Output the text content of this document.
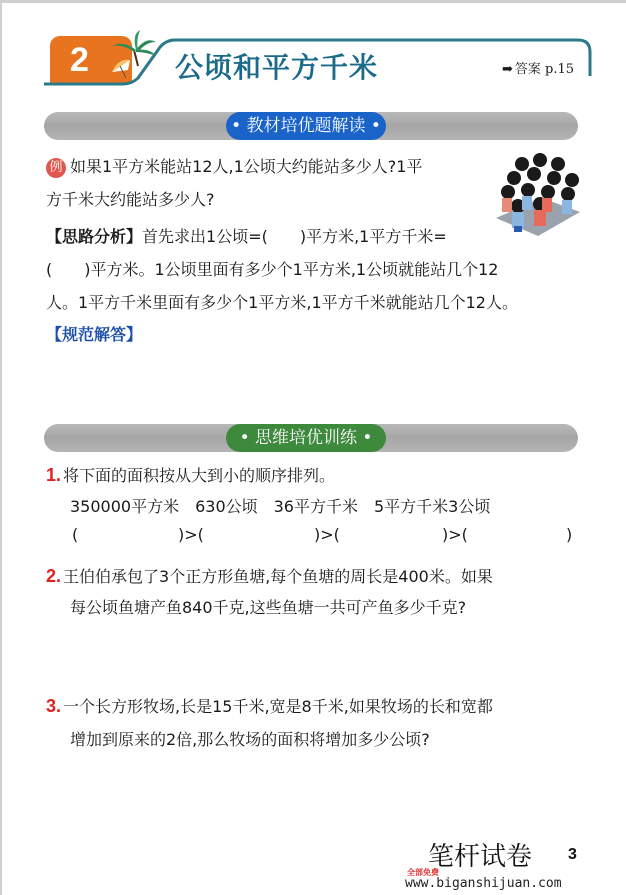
2	公顷和平方千米	➡ 答案 p.15
• 教材培优题解读 •
例 如果1平方米能站12人,1公顷大约能站多少人?1平
方千米大约能站多少人?
【思路分析】首先求出1公顷=(　　)平方米,1平方千米=
(　　)平方米。1公顷里面有多少个1平方米,1公顷就能站几个12
人。1平方千米里面有多少个1平方米,1平方千米就能站几个12人。
【规范解答】
• 思维培优训练 •
1. 将下面的面积按从大到小的顺序排列。
350000平方米　630公顷　36平方千米　5平方千米3公顷
(	)>(	)>(	)>(	)
2. 王伯伯承包了3个正方形鱼塘,每个鱼塘的周长是400米。如果
每公顷鱼塘产鱼840千克,这些鱼塘一共可产鱼多少千克?
3. 一个长方形牧场,长是15千米,宽是8千米,如果牧场的长和宽都
增加到原来的2倍,那么牧场的面积将增加多少公顷?
笔杆试卷
全部免费
www.biganshijuan.com
3
